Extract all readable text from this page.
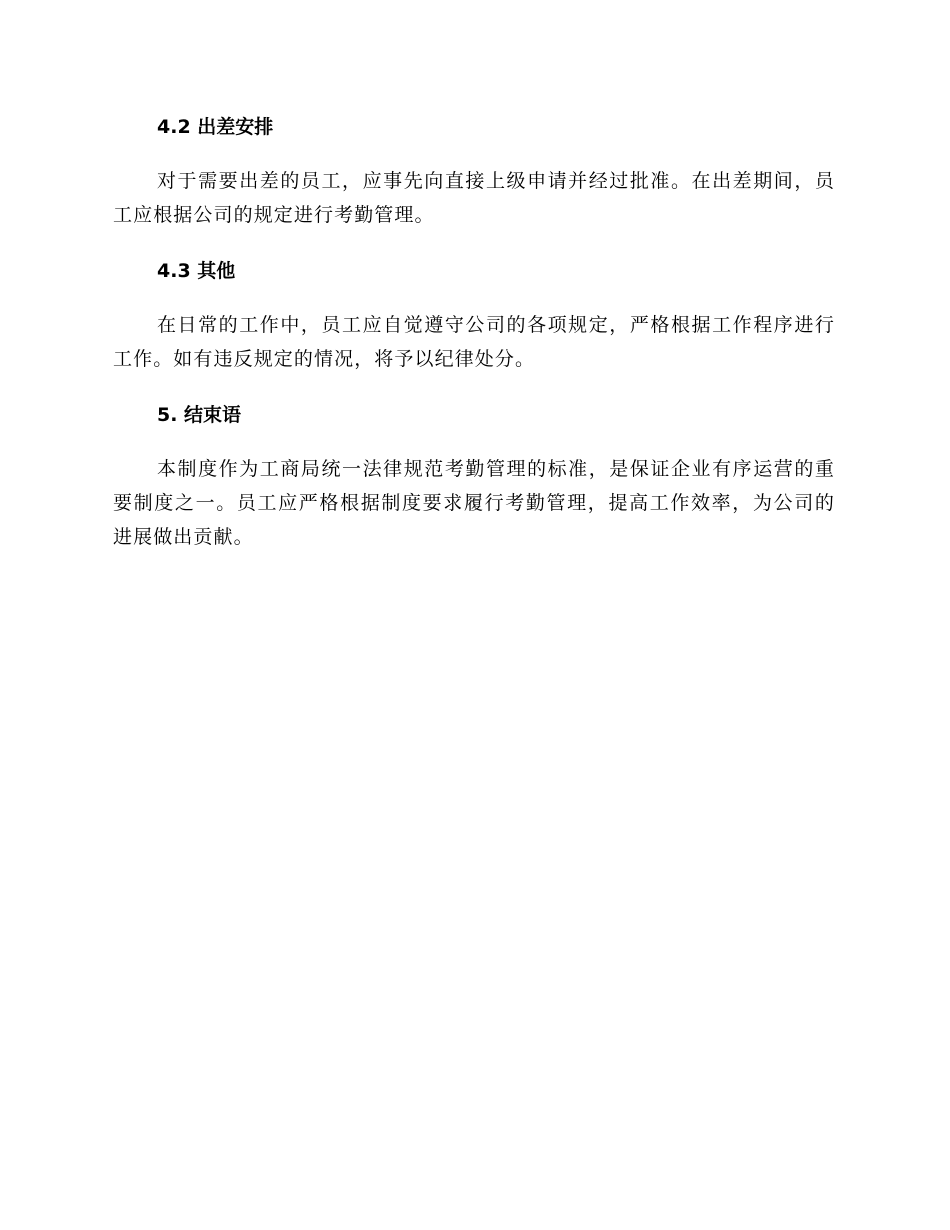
4.2 出差安排

对于需要出差的员工，应事先向直接上级申请并经过批准。在出差期间，员工应根据公司的规定进行考勤管理。

4.3 其他

在日常的工作中，员工应自觉遵守公司的各项规定，严格根据工作程序进行工作。如有违反规定的情况，将予以纪律处分。

5. 结束语

本制度作为工商局统一法律规范考勤管理的标准，是保证企业有序运营的重要制度之一。员工应严格根据制度要求履行考勤管理，提高工作效率，为公司的进展做出贡献。
